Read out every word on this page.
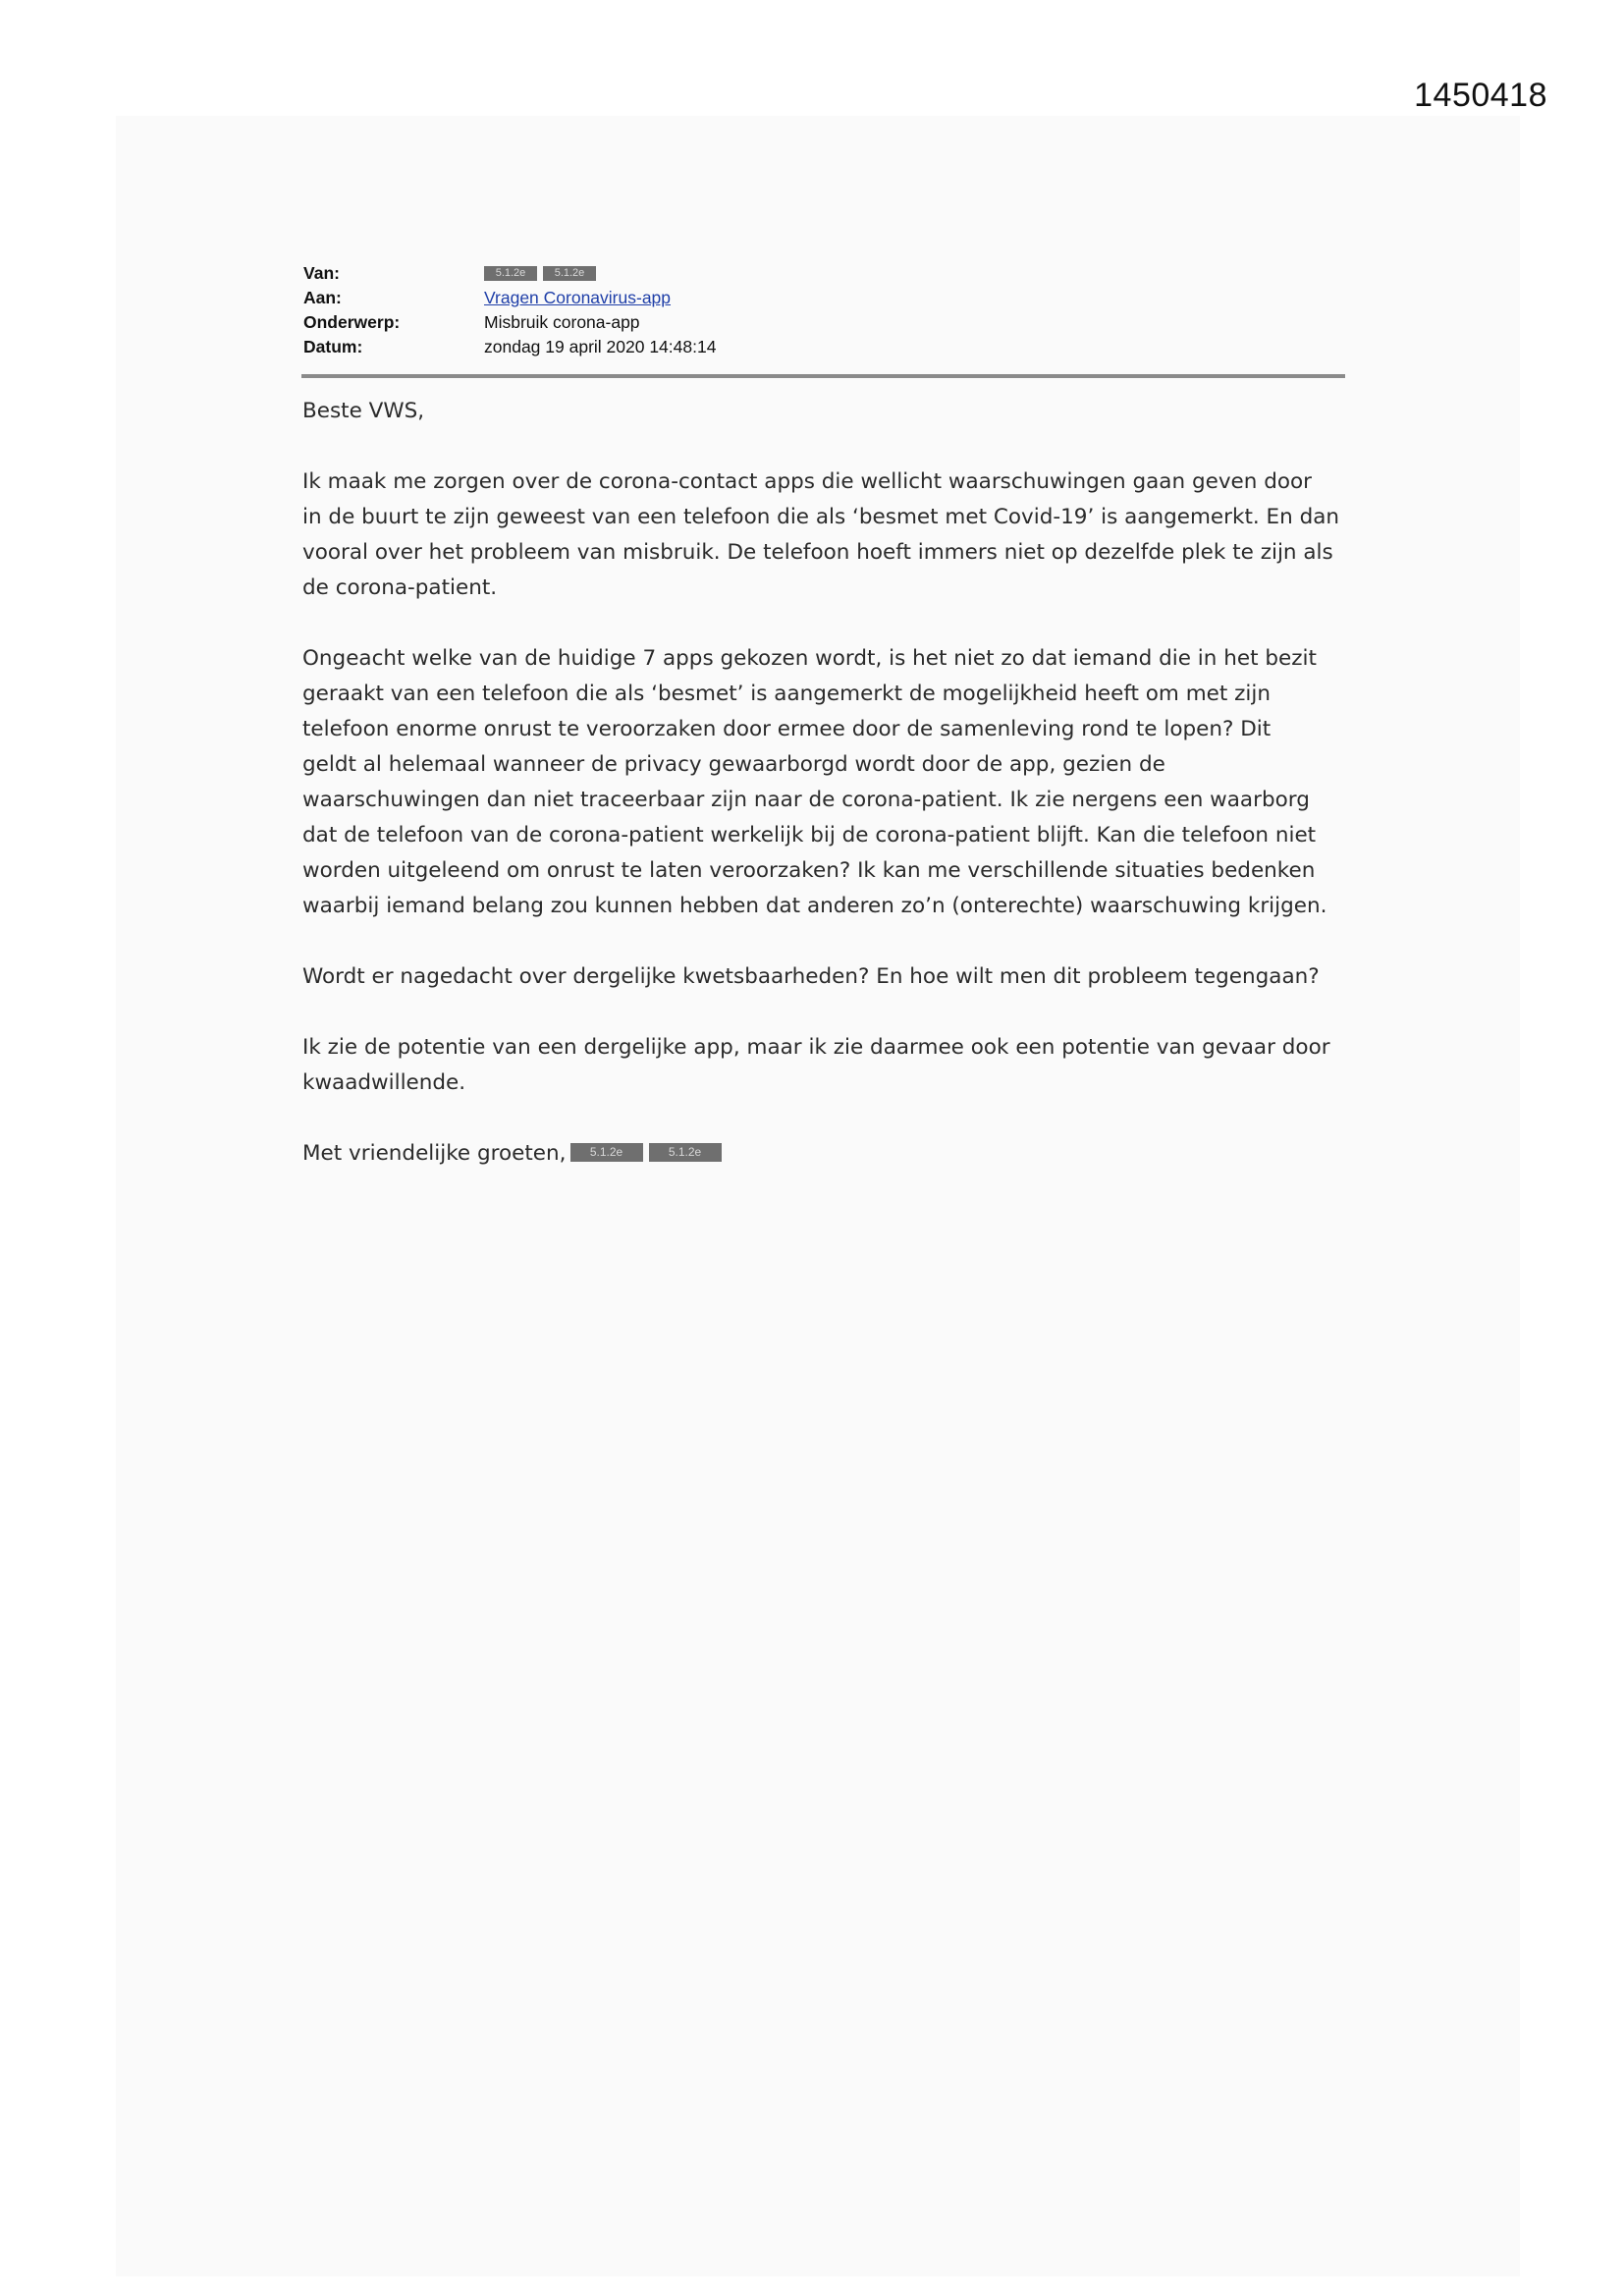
1450418
Van:	5.1.2e	5.1.2e
Aan:	Vragen Coronavirus-app
Onderwerp:	Misbruik corona-app
Datum:	zondag 19 april 2020 14:48:14

Beste VWS,

Ik maak me zorgen over de corona-contact apps die wellicht waarschuwingen gaan geven door
in de buurt te zijn geweest van een telefoon die als ‘besmet met Covid-19’ is aangemerkt. En dan
vooral over het probleem van misbruik. De telefoon hoeft immers niet op dezelfde plek te zijn als
de corona-patient.

Ongeacht welke van de huidige 7 apps gekozen wordt, is het niet zo dat iemand die in het bezit
geraakt van een telefoon die als ‘besmet’ is aangemerkt de mogelijkheid heeft om met zijn
telefoon enorme onrust te veroorzaken door ermee door de samenleving rond te lopen? Dit
geldt al helemaal wanneer de privacy gewaarborgd wordt door de app, gezien de
waarschuwingen dan niet traceerbaar zijn naar de corona-patient. Ik zie nergens een waarborg
dat de telefoon van de corona-patient werkelijk bij de corona-patient blijft. Kan die telefoon niet
worden uitgeleend om onrust te laten veroorzaken? Ik kan me verschillende situaties bedenken
waarbij iemand belang zou kunnen hebben dat anderen zo’n (onterechte) waarschuwing krijgen.

Wordt er nagedacht over dergelijke kwetsbaarheden? En hoe wilt men dit probleem tegengaan?

Ik zie de potentie van een dergelijke app, maar ik zie daarmee ook een potentie van gevaar door
kwaadwillende.

Met vriendelijke groeten, 5.1.2e	5.1.2e
